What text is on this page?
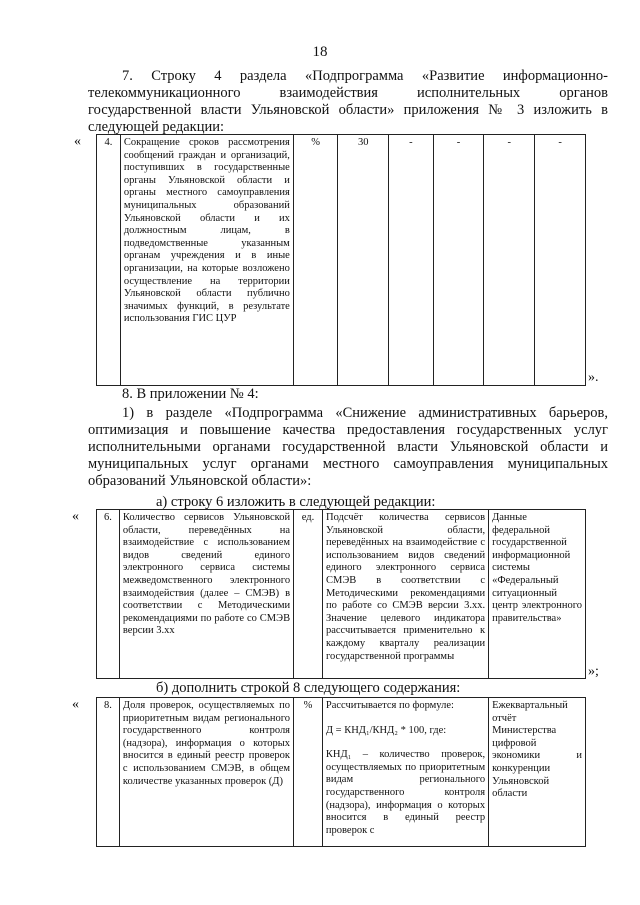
18
7. Строку 4 раздела «Подпрограмма «Развитие информационно-телекоммуникационного взаимодействия исполнительных органов государственной власти Ульяновской области» приложения № 3 изложить в следующей редакции:
« 4.	Сокращение сроков рассмотрения сообщений граждан и организаций, поступивших в государственные органы Ульяновской области и органы местного самоуправления муниципальных образований Ульяновской области и их должностным лицам, в подведомственные указанным органам учреждения и в иные организации, на которые возложено осуществление на территории Ульяновской области публично значимых функций, в результате использования ГИС ЦУР	%	30	-	-	-	-
».
8. В приложении № 4:
1) в разделе «Подпрограмма «Снижение административных барьеров, оптимизация и повышение качества предоставления государственных услуг исполнительными органами государственной власти Ульяновской области и муниципальных услуг органами местного самоуправления муниципальных образований Ульяновской области»:
а) строку 6 изложить в следующей редакции:
« 6.	Количество сервисов Ульяновской области, переведённых на взаимодействие с использованием видов сведений единого электронного сервиса системы межведомственного электронного взаимодействия (далее – СМЭВ) в соответствии с Методическими рекомендациями по работе со СМЭВ версии 3.хх	ед.	Подсчёт количества сервисов Ульяновской области, переведённых на взаимодействие с использованием видов сведений единого электронного сервиса СМЭВ в соответствии с Методическими рекомендациями по работе со СМЭВ версии 3.хх. Значение целевого индикатора рассчитывается применительно к каждому кварталу реализации государственной программы	Данные федеральной государственной информационной системы «Федеральный ситуационный центр электронного правительства»
»;
б) дополнить строкой 8 следующего содержания:
« 8.	Доля проверок, осуществляемых по приоритетным видам регионального государственного контроля (надзора), информация о которых вносится в единый реестр проверок с использованием СМЭВ, в общем количестве указанных проверок (Д)	%	Рассчитывается по формуле:
Д = КНД₁/КНД₂ * 100, где:
КНД₁ – количество проверок, осуществляемых по приоритетным видам регионального государственного контроля (надзора), информация о которых вносится в единый реестр проверок с
	Ежеквартальный отчёт Министерства цифровой экономики и конкуренции Ульяновской области
